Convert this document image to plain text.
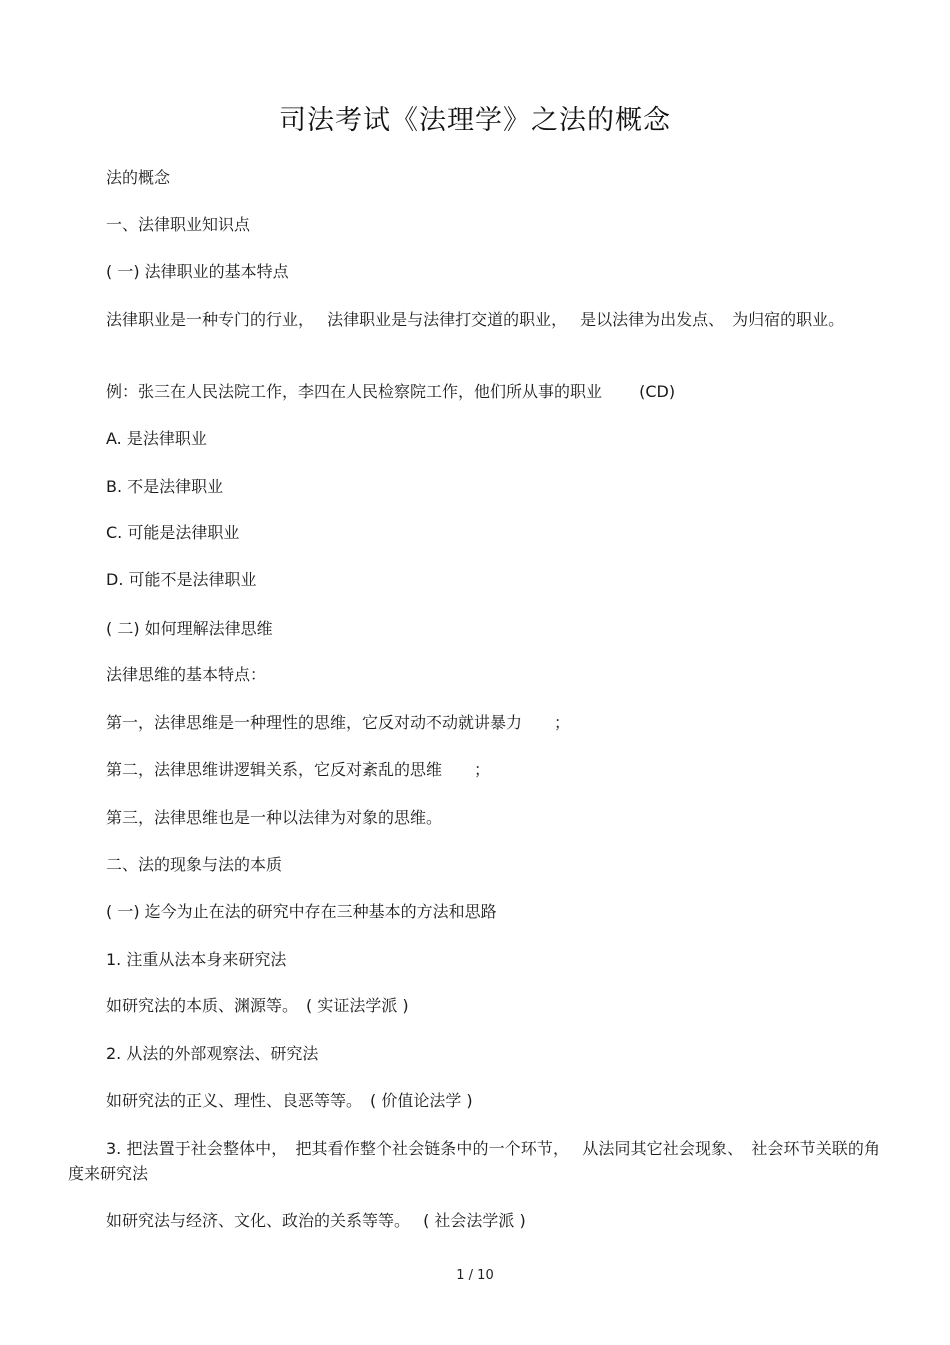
司法考试《法理学》之法的概念
法的概念
一、法律职业知识点
( 一) 法律职业的基本特点
法律职业是一种专门的行业，　 法律职业是与法律打交道的职业，　 是以法律为出发点、　为归宿的职业。
例：张三在人民法院工作，李四在人民检察院工作，他们所从事的职业　　 (CD)
A. 是法律职业
B. 不是法律职业
C. 可能是法律职业
D. 可能不是法律职业
( 二) 如何理解法律思维
法律思维的基本特点：
第一，法律思维是一种理性的思维，它反对动不动就讲暴力　　；
第二，法律思维讲逻辑关系，它反对紊乱的思维　　；
第三，法律思维也是一种以法律为对象的思维。
二、法的现象与法的本质
( 一) 迄今为止在法的研究中存在三种基本的方法和思路
1. 注重从法本身来研究法
如研究法的本质、渊源等。　( 实证法学派 )
2. 从法的外部观察法、研究法
如研究法的正义、理性、良恶等等。　( 价值论法学 )
3. 把法置于社会整体中，　把其看作整个社会链条中的一个环节，　 从法同其它社会现象、　社会环节关联的角度来研究法
如研究法与经济、文化、政治的关系等等。　 ( 社会法学派 )
1 / 10
